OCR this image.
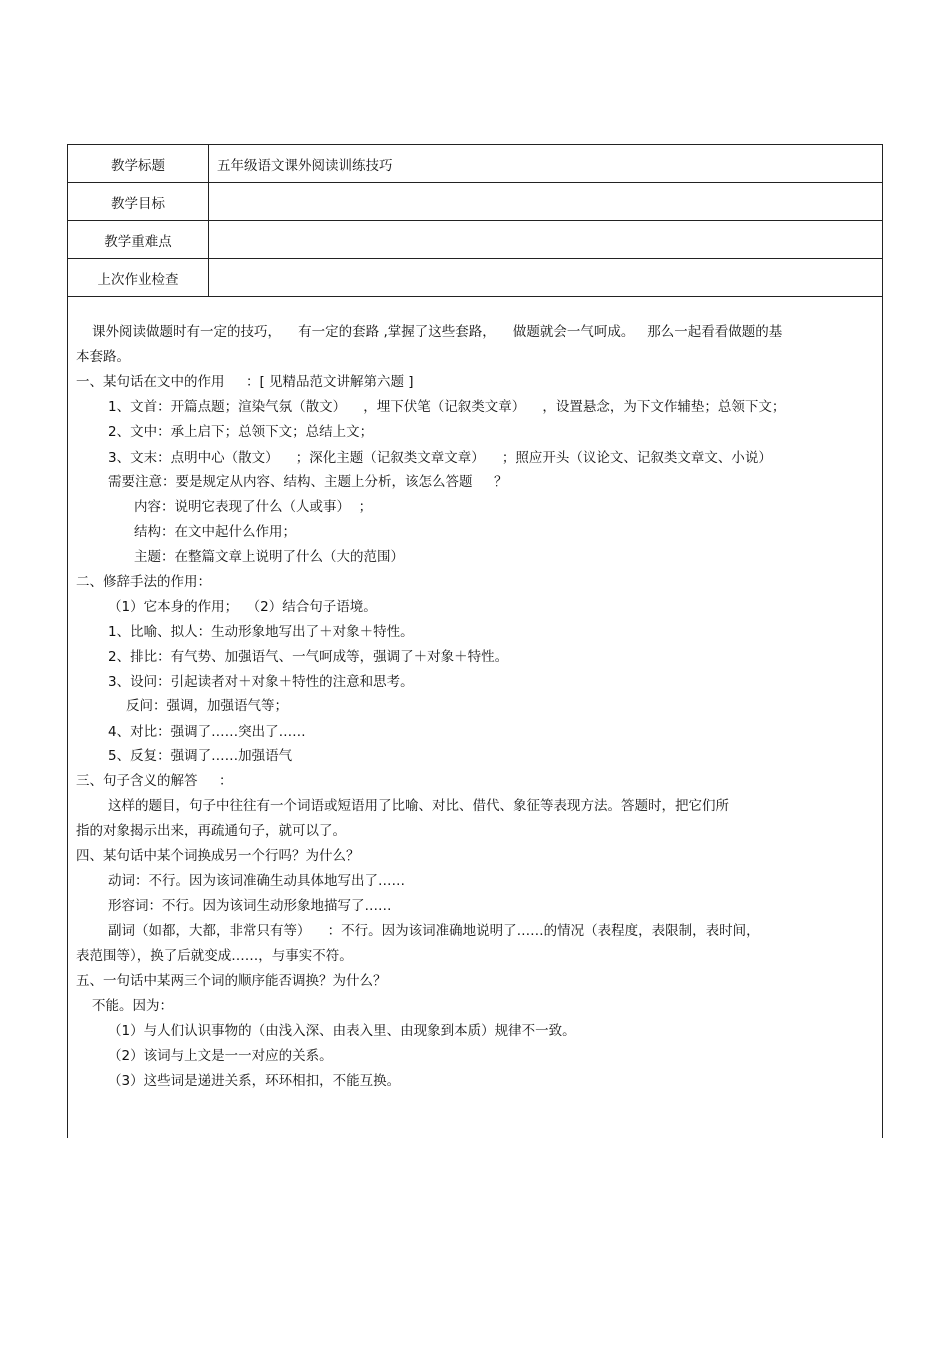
教学标题	五年级语文课外阅读训练技巧
教学目标	
教学重难点	
上次作业检查	
课外阅读做题时有一定的技巧，    有一定的套路 ,掌握了这些套路，    做题就会一气呵成。   那么一起看看做题的基
本套路。
一、某句话在文中的作用     ：[ 见精品范文讲解第六题 ]
1、文首：开篇点题；渲染气氛（散文）    ，埋下伏笔（记叙类文章）    ，设置悬念，为下文作辅垫；总领下文；
2、文中：承上启下；总领下文；总结上文；
3、文末：点明中心（散文）    ；深化主题（记叙类文章文章）    ；照应开头（议论文、记叙类文章文、小说）
需要注意：要是规定从内容、结构、主题上分析，该怎么答题     ？
内容：说明它表现了什么（人或事）  ；
结构：在文中起什么作用；
主题：在整篇文章上说明了什么（大的范围）
二、修辞手法的作用：
（1）它本身的作用；  （2）结合句子语境。
1、比喻、拟人：生动形象地写出了＋对象＋特性。
2、排比：有气势、加强语气、一气呵成等，强调了＋对象＋特性。
3、设问：引起读者对＋对象＋特性的注意和思考。
反问：强调，加强语气等；
4、对比：强调了……突出了……
5、反复：强调了……加强语气
三、句子含义的解答     ：
这样的题目，句子中往往有一个词语或短语用了比喻、对比、借代、象征等表现方法。答题时，把它们所
指的对象揭示出来，再疏通句子，就可以了。
四、某句话中某个词换成另一个行吗？为什么？
动词：不行。因为该词准确生动具体地写出了……
形容词：不行。因为该词生动形象地描写了……
副词（如都，大都，非常只有等）    ：不行。因为该词准确地说明了……的情况（表程度，表限制，表时间，
表范围等），换了后就变成……，与事实不符。
五、一句话中某两三个词的顺序能否调换？为什么？
不能。因为：
（1）与人们认识事物的（由浅入深、由表入里、由现象到本质）规律不一致。
（2）该词与上文是一一对应的关系。
（3）这些词是递进关系，环环相扣，不能互换。
